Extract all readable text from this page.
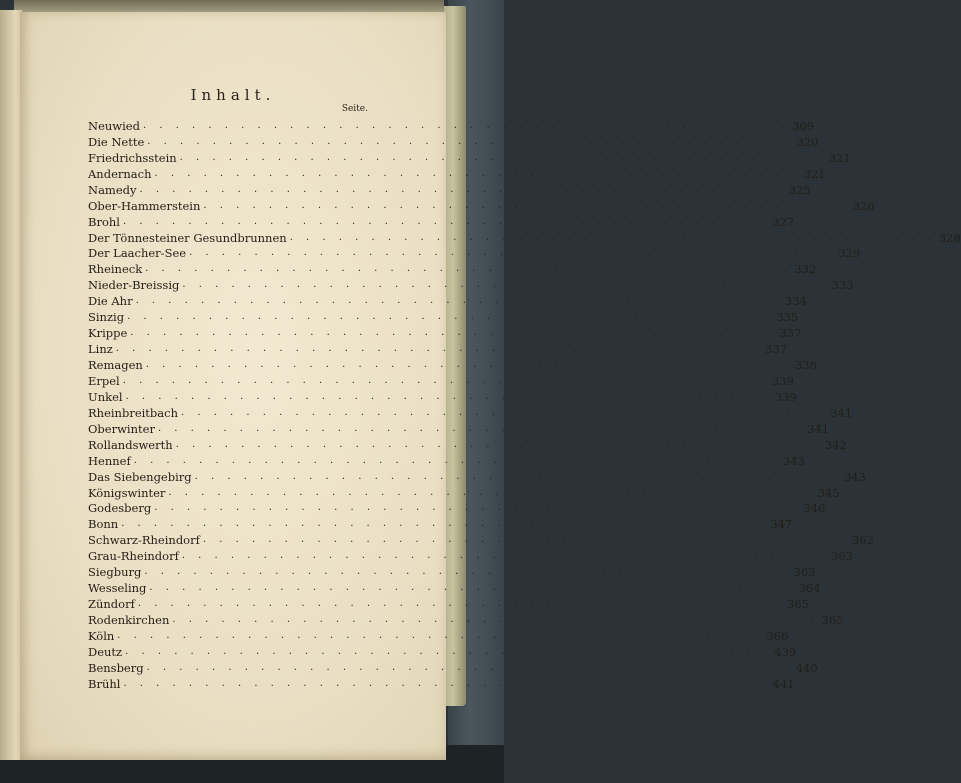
Inhalt.
Seite.
Neuwied . . . . . . . . . . . . . . . . . . . . . . . . . . . . . . . . . . . . . . . . 309
Die Nette . . . . . . . . . . . . . . . . . . . . . . . . . . . . . . . . . . . . . . . . 320
Friedrichsstein . . . . . . . . . . . . . . . . . . . . . . . . . . . . . . . . . . . . . . . . 321
Andernach . . . . . . . . . . . . . . . . . . . . . . . . . . . . . . . . . . . . . . . . 321
Namedy . . . . . . . . . . . . . . . . . . . . . . . . . . . . . . . . . . . . . . . . 325
Ober-Hammerstein . . . . . . . . . . . . . . . . . . . . . . . . . . . . . . . . . . . . . . . . 326
Brohl . . . . . . . . . . . . . . . . . . . . . . . . . . . . . . . . . . . . . . . . 327
Der Tönnesteiner Gesundbrunnen . . . . . . . . . . . . . . . . . . . . . . . . . . . . . . . . . . . . . . . . 328
Der Laacher-See . . . . . . . . . . . . . . . . . . . . . . . . . . . . . . . . . . . . . . . . 329
Rheineck . . . . . . . . . . . . . . . . . . . . . . . . . . . . . . . . . . . . . . . . 332
Nieder-Breissig . . . . . . . . . . . . . . . . . . . . . . . . . . . . . . . . . . . . . . . . 333
Die Ahr . . . . . . . . . . . . . . . . . . . . . . . . . . . . . . . . . . . . . . . . 334
Sinzig . . . . . . . . . . . . . . . . . . . . . . . . . . . . . . . . . . . . . . . . 335
Krippe . . . . . . . . . . . . . . . . . . . . . . . . . . . . . . . . . . . . . . . . 337
Linz . . . . . . . . . . . . . . . . . . . . . . . . . . . . . . . . . . . . . . . . 337
Remagen . . . . . . . . . . . . . . . . . . . . . . . . . . . . . . . . . . . . . . . . 338
Erpel . . . . . . . . . . . . . . . . . . . . . . . . . . . . . . . . . . . . . . . . 339
Unkel . . . . . . . . . . . . . . . . . . . . . . . . . . . . . . . . . . . . . . . . 339
Rheinbreitbach . . . . . . . . . . . . . . . . . . . . . . . . . . . . . . . . . . . . . . . . 341
Oberwinter . . . . . . . . . . . . . . . . . . . . . . . . . . . . . . . . . . . . . . . . 341
Rollandswerth . . . . . . . . . . . . . . . . . . . . . . . . . . . . . . . . . . . . . . . . 342
Hennef . . . . . . . . . . . . . . . . . . . . . . . . . . . . . . . . . . . . . . . . 343
Das Siebengebirg . . . . . . . . . . . . . . . . . . . . . . . . . . . . . . . . . . . . . . . . 343
Königswinter . . . . . . . . . . . . . . . . . . . . . . . . . . . . . . . . . . . . . . . . 345
Godesberg . . . . . . . . . . . . . . . . . . . . . . . . . . . . . . . . . . . . . . . . 346
Bonn . . . . . . . . . . . . . . . . . . . . . . . . . . . . . . . . . . . . . . . . 347
Schwarz-Rheindorf . . . . . . . . . . . . . . . . . . . . . . . . . . . . . . . . . . . . . . . . 362
Grau-Rheindorf . . . . . . . . . . . . . . . . . . . . . . . . . . . . . . . . . . . . . . . . 363
Siegburg . . . . . . . . . . . . . . . . . . . . . . . . . . . . . . . . . . . . . . . . 363
Wesseling . . . . . . . . . . . . . . . . . . . . . . . . . . . . . . . . . . . . . . . . 364
Zündorf . . . . . . . . . . . . . . . . . . . . . . . . . . . . . . . . . . . . . . . . 365
Rodenkirchen . . . . . . . . . . . . . . . . . . . . . . . . . . . . . . . . . . . . . . . . 365
Köln . . . . . . . . . . . . . . . . . . . . . . . . . . . . . . . . . . . . . . . . 366
Deutz . . . . . . . . . . . . . . . . . . . . . . . . . . . . . . . . . . . . . . . . 439
Bensberg . . . . . . . . . . . . . . . . . . . . . . . . . . . . . . . . . . . . . . . . 440
Brühl . . . . . . . . . . . . . . . . . . . . . . . . . . . . . . . . . . . . . . . . 441
